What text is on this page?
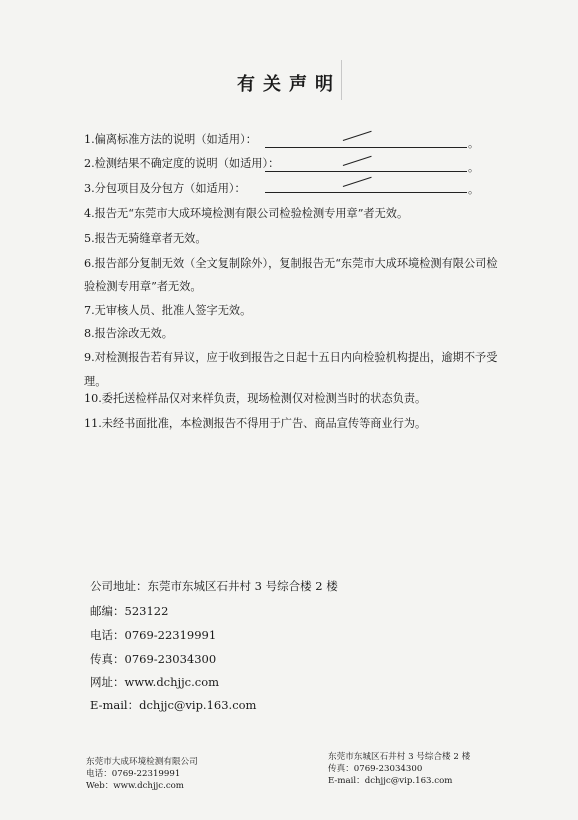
有关声明
1.偏离标准方法的说明（如适用）：	。
2.检测结果不确定度的说明（如适用）：	。
3.分包项目及分包方（如适用）：	。
4.报告无“东莞市大成环境检测有限公司检验检测专用章”者无效。
5.报告无骑缝章者无效。
6.报告部分复制无效（全文复制除外），复制报告无“东莞市大成环境检测有限公司检
验检测专用章”者无效。
7.无审核人员、批准人签字无效。
8.报告涂改无效。
9.对检测报告若有异议，应于收到报告之日起十五日内向检验机构提出，逾期不予受
理。
10.委托送检样品仅对来样负责，现场检测仅对检测当时的状态负责。
11.未经书面批准，本检测报告不得用于广告、商品宣传等商业行为。
公司地址：东莞市东城区石井村 3 号综合楼 2 楼
邮编：523122
电话：0769-22319991
传真：0769-23034300
网址：www.dchjjc.com
E-mail：dchjjc@vip.163.com
东莞市大成环境检测有限公司
电话：0769-22319991
Web：www.dchjjc.com
东莞市东城区石井村 3 号综合楼 2 楼
传真：0769-23034300
E-mail：dchjjc@vip.163.com
